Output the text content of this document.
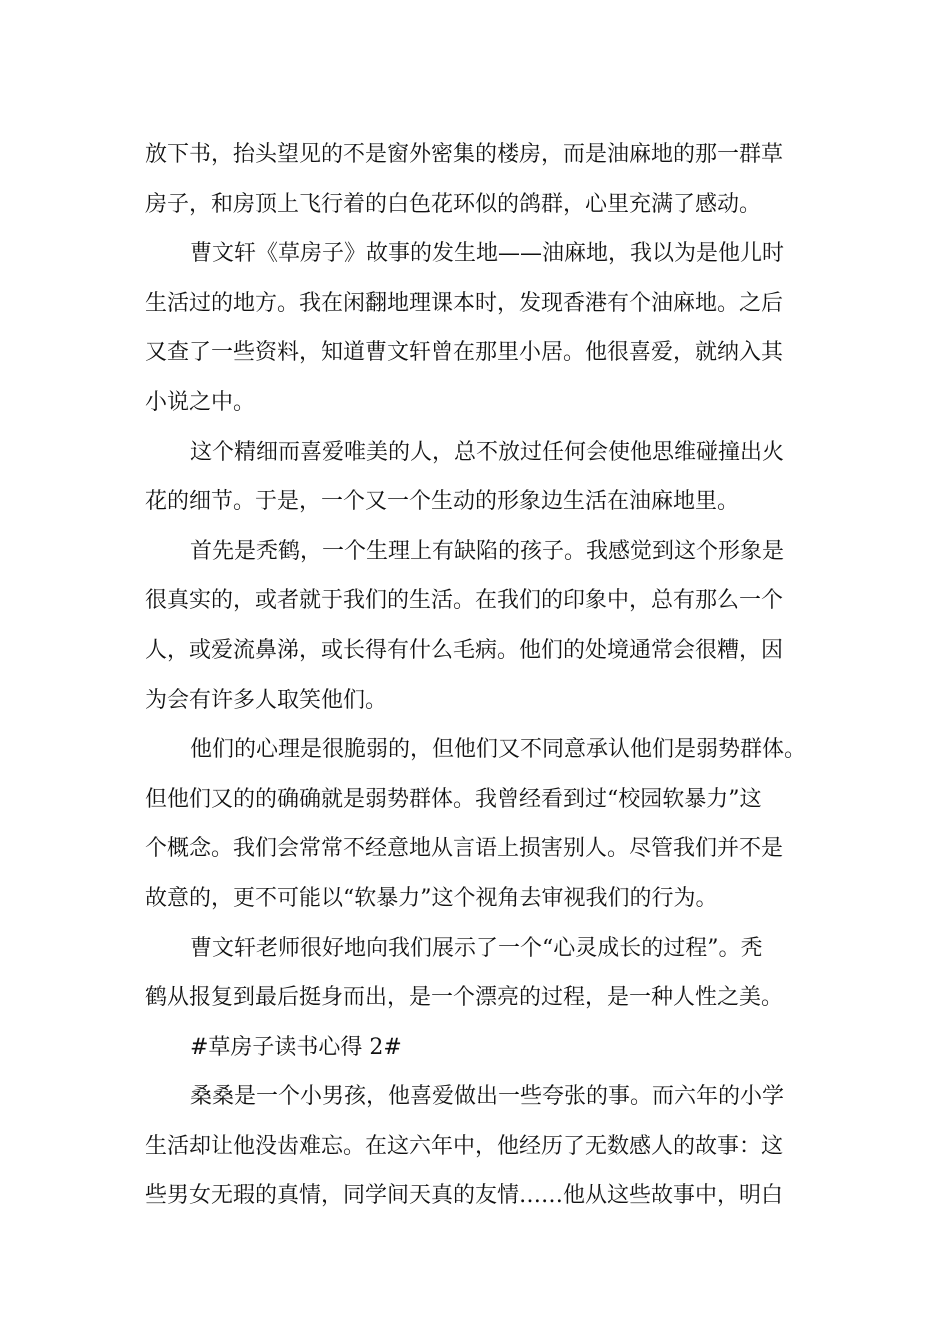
放下书，抬头望见的不是窗外密集的楼房，而是油麻地的那一群草
房子，和房顶上飞行着的白色花环似的鸽群，心里充满了感动。
曹文轩《草房子》故事的发生地——油麻地，我以为是他儿时
生活过的地方。我在闲翻地理课本时，发现香港有个油麻地。之后
又查了一些资料，知道曹文轩曾在那里小居。他很喜爱，就纳入其
小说之中。
这个精细而喜爱唯美的人，总不放过任何会使他思维碰撞出火
花的细节。于是，一个又一个生动的形象边生活在油麻地里。
首先是秃鹤，一个生理上有缺陷的孩子。我感觉到这个形象是
很真实的，或者就于我们的生活。在我们的印象中，总有那么一个
人，或爱流鼻涕，或长得有什么毛病。他们的处境通常会很糟，因
为会有许多人取笑他们。
他们的心理是很脆弱的，但他们又不同意承认他们是弱势群体。
但他们又的的确确就是弱势群体。我曾经看到过“校园软暴力”这
个概念。我们会常常不经意地从言语上损害别人。尽管我们并不是
故意的，更不可能以“软暴力”这个视角去审视我们的行为。
曹文轩老师很好地向我们展示了一个“心灵成长的过程”。秃
鹤从报复到最后挺身而出，是一个漂亮的过程，是一种人性之美。
#草房子读书心得 2#
桑桑是一个小男孩，他喜爱做出一些夸张的事。而六年的小学
生活却让他没齿难忘。在这六年中，他经历了无数感人的故事：这
些男女无瑕的真情，同学间天真的友情……他从这些故事中，明白
